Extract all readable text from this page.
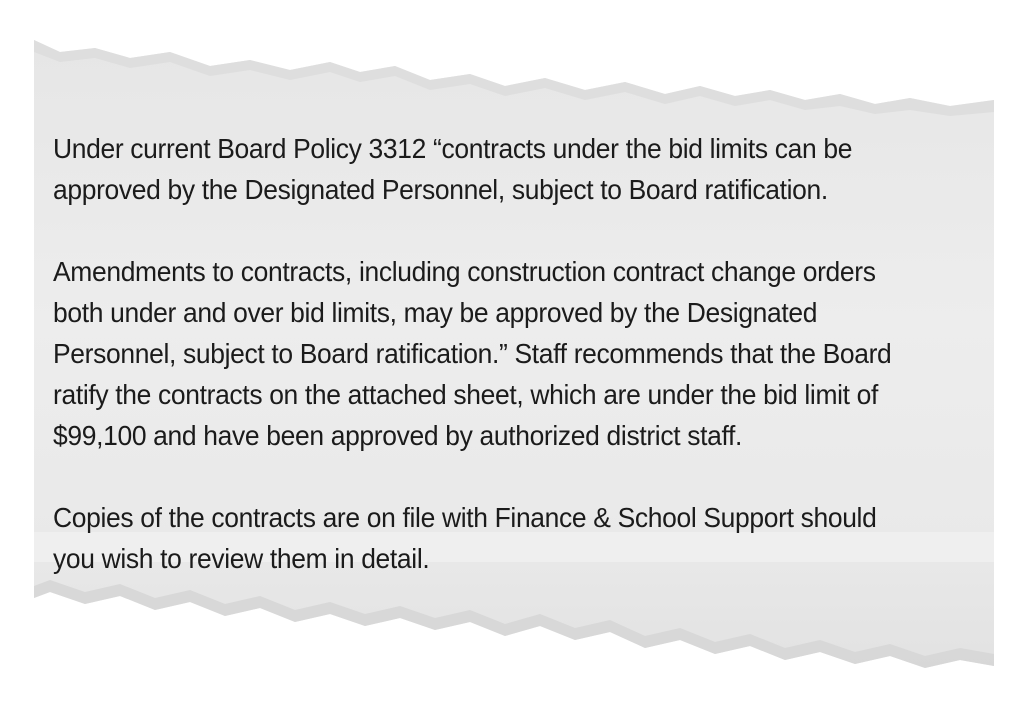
Under current Board Policy 3312 “contracts under the bid limits can be
approved by the Designated Personnel, subject to Board ratification.

Amendments to contracts, including construction contract change orders
both under and over bid limits, may be approved by the Designated
Personnel, subject to Board ratification.” Staff recommends that the Board
ratify the contracts on the attached sheet, which are under the bid limit of
$99,100 and have been approved by authorized district staff.

Copies of the contracts are on file with Finance & School Support should
you wish to review them in detail.
